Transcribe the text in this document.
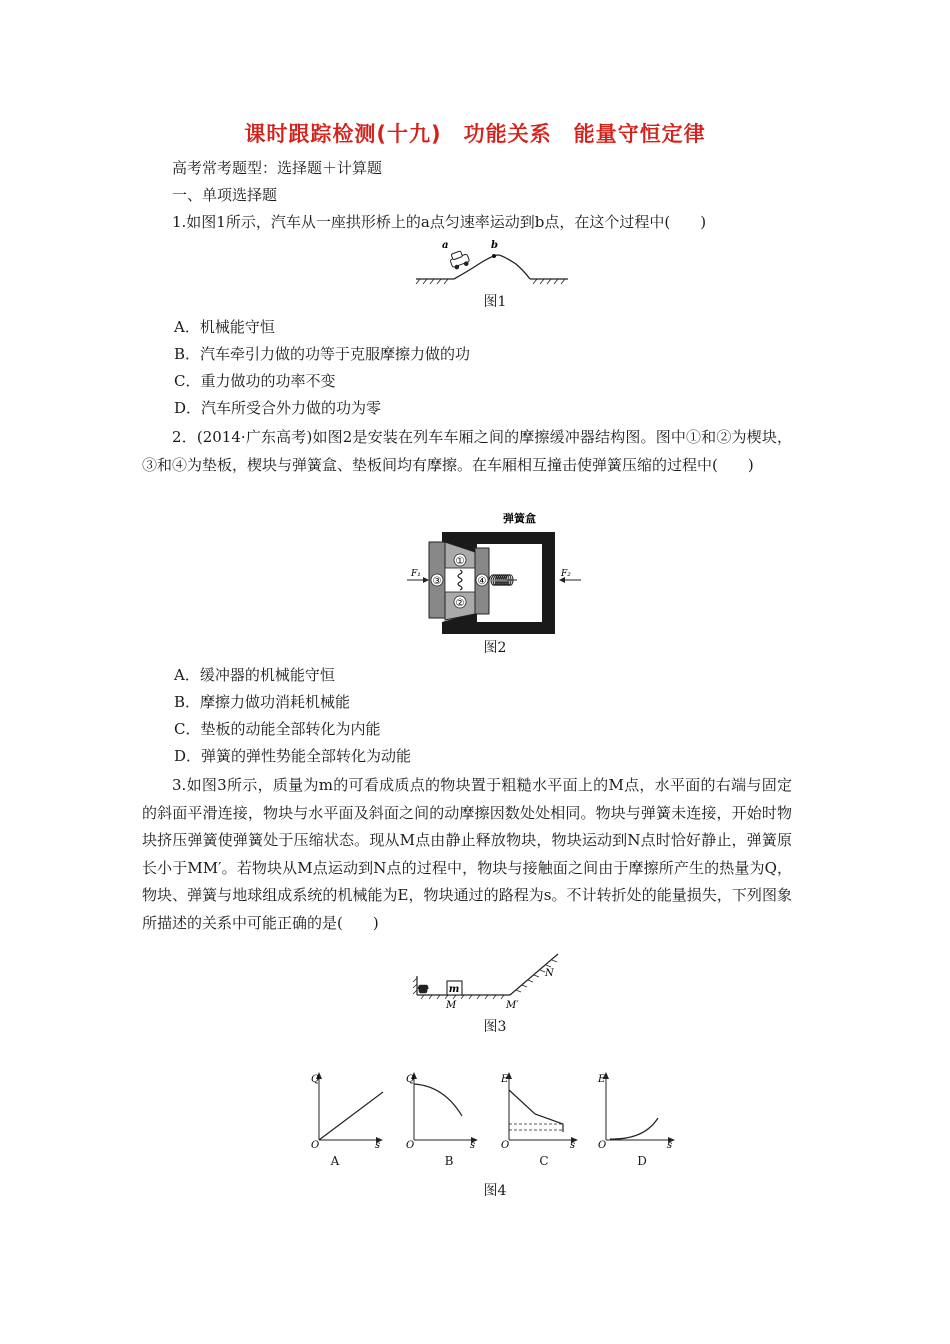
课时跟踪检测(十九)　功能关系　能量守恒定律
高考常考题型：选择题＋计算题
一、单项选择题
1.如图1所示，汽车从一座拱形桥上的a点匀速率运动到b点，在这个过程中(　　)
a	b
图1
A．机械能守恒
B．汽车牵引力做的功等于克服摩擦力做的功
C．重力做功的功率不变
D．汽车所受合外力做的功为零
2．(2014·广东高考)如图2是安装在列车车厢之间的摩擦缓冲器结构图。图中①和②为楔块，③和④为垫板，楔块与弹簧盒、垫板间均有摩擦。在车厢相互撞击使弹簧压缩的过程中(　　)
弹簧盒
①
②
③	④
F₁	F₂
图2
A．缓冲器的机械能守恒
B．摩擦力做功消耗机械能
C．垫板的动能全部转化为内能
D．弹簧的弹性势能全部转化为动能
3.如图3所示，质量为m的可看成质点的物块置于粗糙水平面上的M点，水平面的右端与固定的斜面平滑连接，物块与水平面及斜面之间的动摩擦因数处处相同。物块与弹簧未连接，开始时物块挤压弹簧使弹簧处于压缩状态。现从M点由静止释放物块，物块运动到N点时恰好静止，弹簧原长小于MM′。若物块从M点运动到N点的过程中，物块与接触面之间由于摩擦所产生的热量为Q，物块、弹簧与地球组成系统的机械能为E，物块通过的路程为s。不计转折处的能量损失，下列图象所描述的关系中可能正确的是(　　)
m
M	M′
N
图3
Q
O	s
Q
O	s
E
O	s
E
O	s
A	B	C	D
图4
